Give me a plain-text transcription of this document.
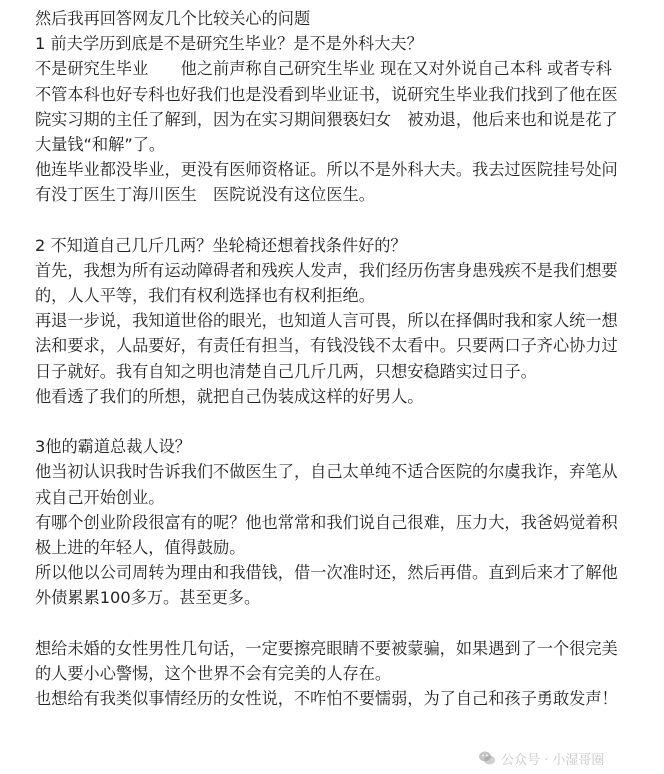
然后我再回答网友几个比较关心的问题
1 前夫学历到底是不是研究生毕业？是不是外科大夫？
不是研究生毕业　　他之前声称自己研究生毕业 现在又对外说自己本科 或者专科
不管本科也好专科也好我们也是没看到毕业证书，说研究生毕业我们找到了他在医
院实习期的主任了解到，因为在实习期间猥亵妇女　被劝退，他后来也和说是花了
大量钱“和解”了。
他连毕业都没毕业，更没有医师资格证。所以不是外科大夫。我去过医院挂号处问
有没丁医生丁海川医生　医院说没有这位医生。
2 不知道自己几斤几两？坐轮椅还想着找条件好的？
首先，我想为所有运动障碍者和残疾人发声，我们经历伤害身患残疾不是我们想要
的，人人平等，我们有权利选择也有权利拒绝。
再退一步说，我知道世俗的眼光，也知道人言可畏，所以在择偶时我和家人统一想
法和要求，人品要好，有责任有担当，有钱没钱不太看中。只要两口子齐心协力过
日子就好。我有自知之明也清楚自己几斤几两，只想安稳踏实过日子。
他看透了我们的所想，就把自己伪装成这样的好男人。
3他的霸道总裁人设？
他当初认识我时告诉我们不做医生了，自己太单纯不适合医院的尔虞我诈，弃笔从
戎自己开始创业。
有哪个创业阶段很富有的呢？他也常常和我们说自己很难，压力大，我爸妈觉着积
极上进的年轻人，值得鼓励。
所以他以公司周转为理由和我借钱，借一次准时还，然后再借。直到后来才了解他
外债累累100多万。甚至更多。
想给未婚的女性男性几句话，一定要擦亮眼睛不要被蒙骗，如果遇到了一个很完美
的人要小心警惕，这个世界不会有完美的人存在。
也想给有我类似事情经历的女性说，不咋怕不要懦弱，为了自己和孩子勇敢发声！
公众号 · 小湿哥圈
